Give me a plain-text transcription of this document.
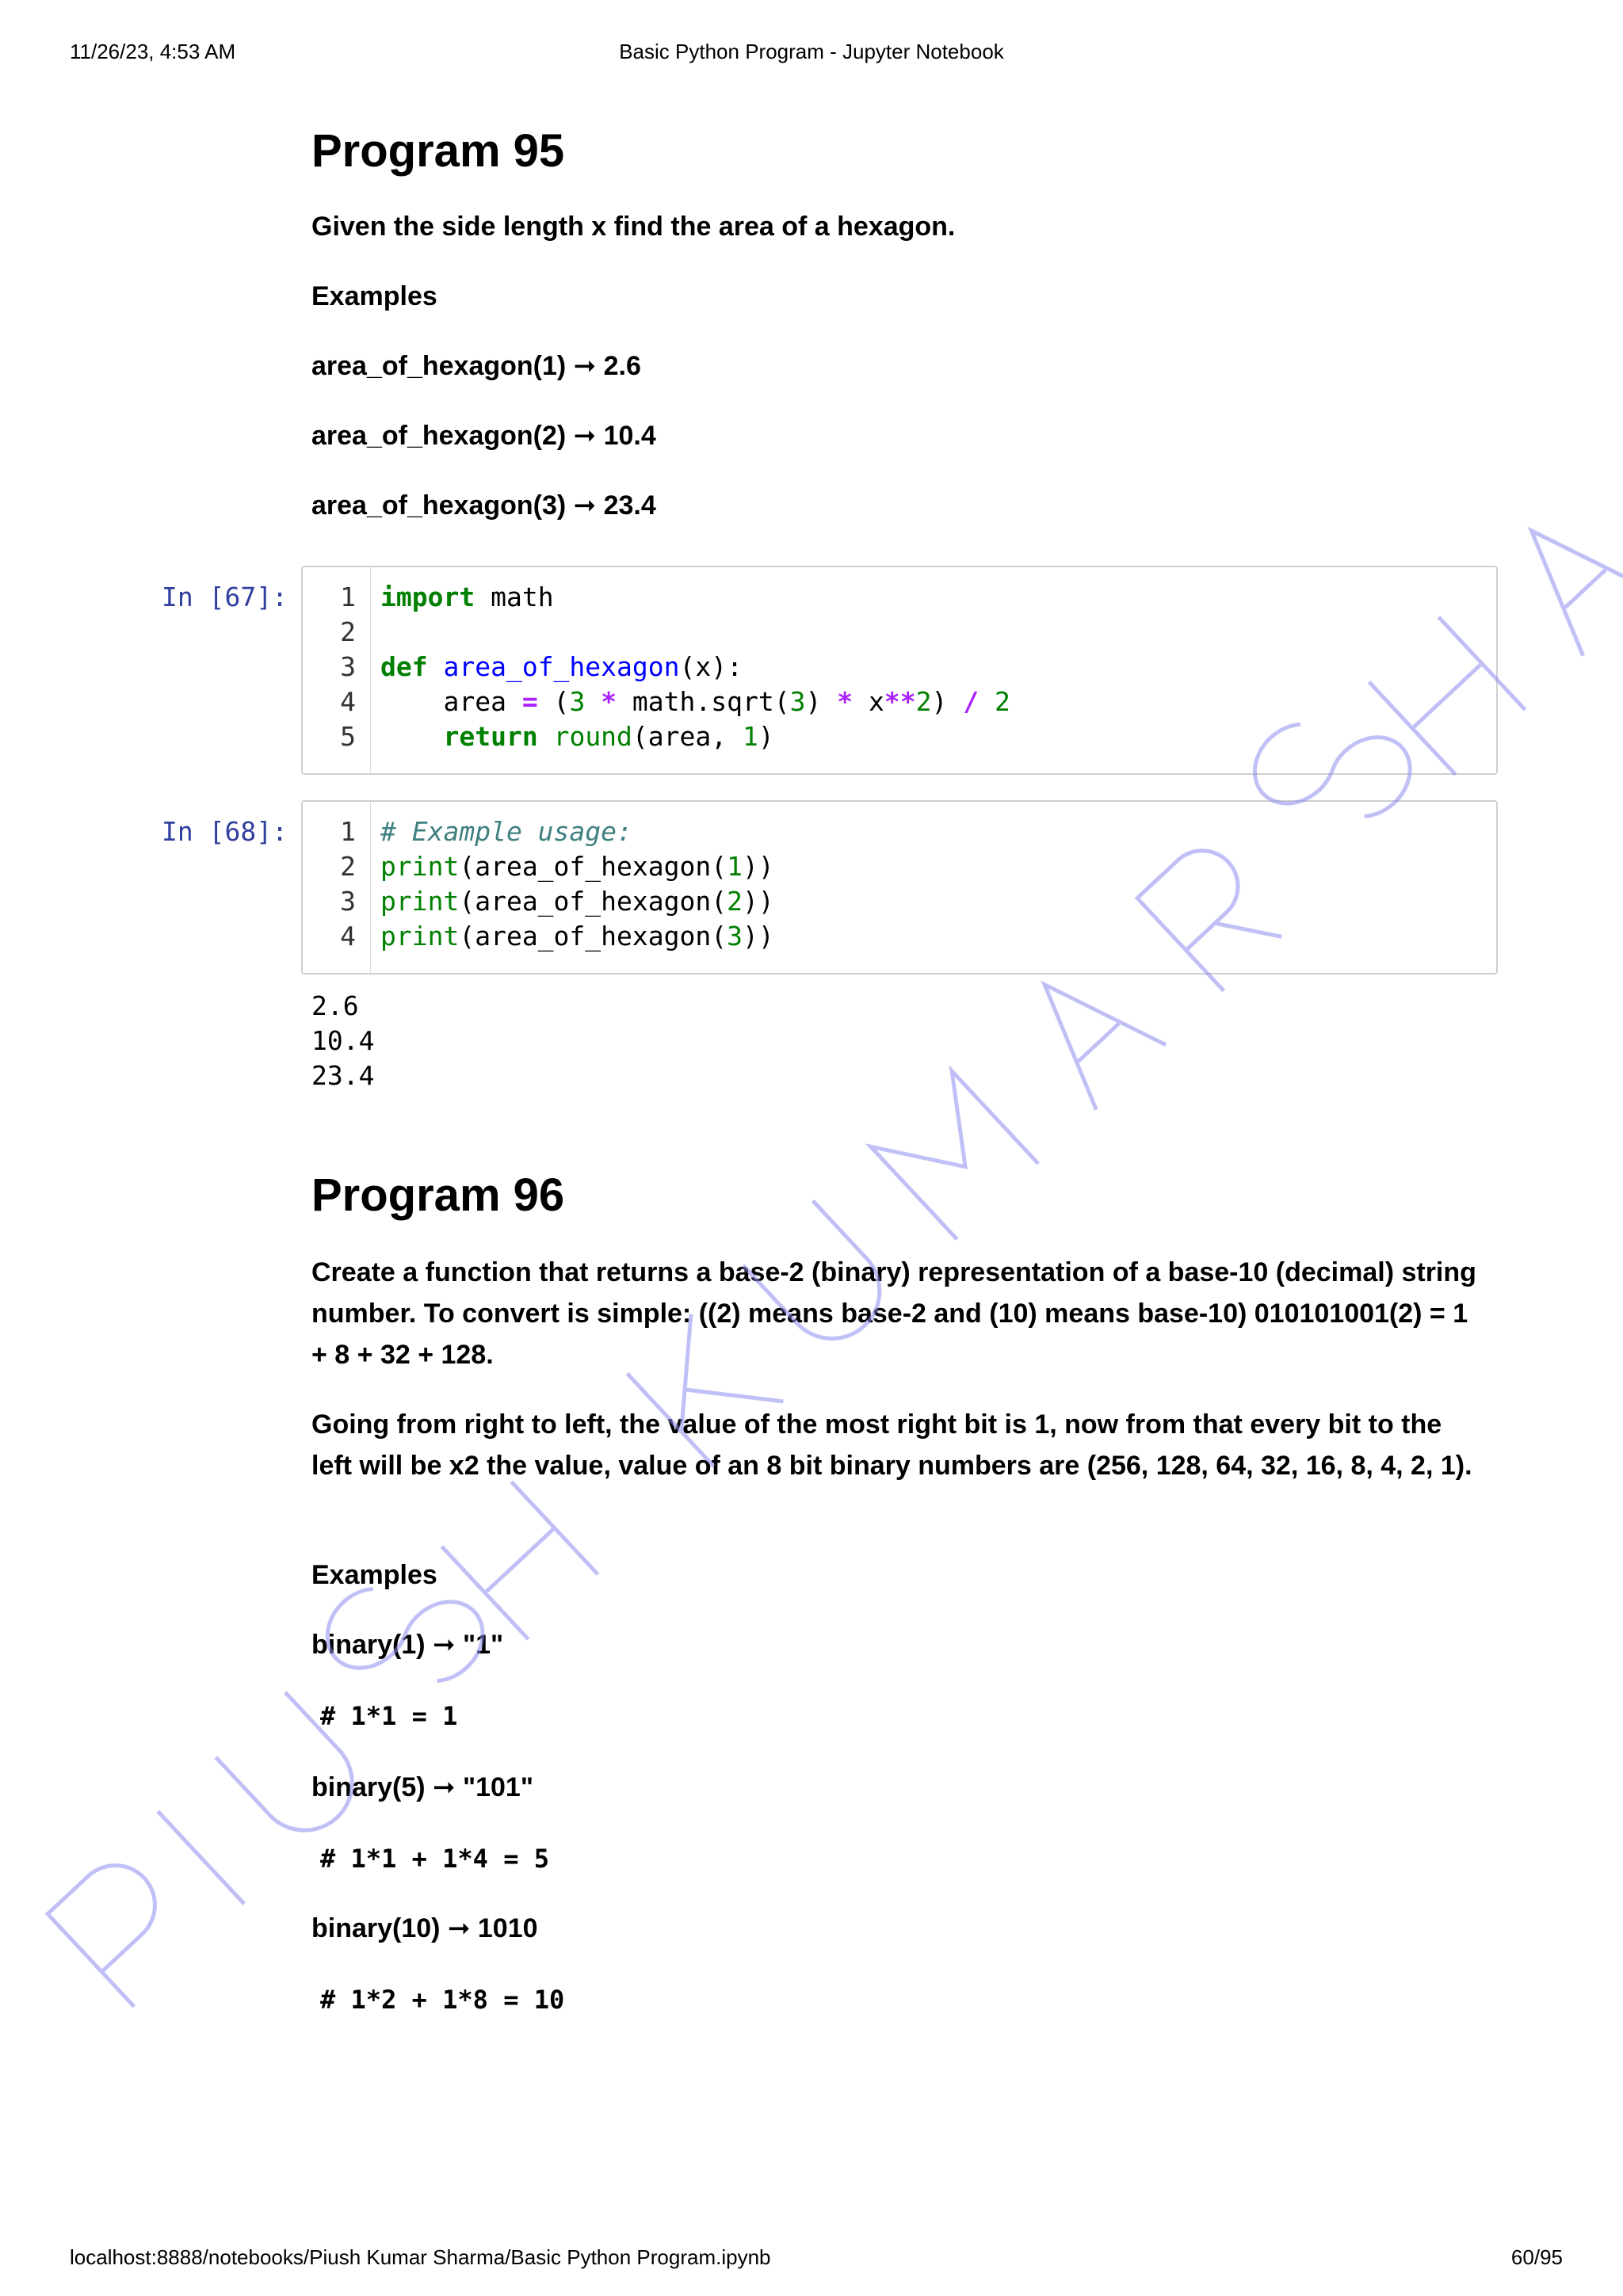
11/26/23, 4:53 AM	Basic Python Program - Jupyter Notebook
Program 95

Given the side length x find the area of a hexagon.

Examples

area_of_hexagon(1) ➞ 2.6

area_of_hexagon(2) ➞ 10.4

area_of_hexagon(3) ➞ 23.4

In [67]:	1
2
3
4
5
import math

def area_of_hexagon(x):
area = (3 * math.sqrt(3) * x**2) / 2
return round(area, 1)
In [68]:	1
2
3
4
# Example usage:
print(area_of_hexagon(1))
print(area_of_hexagon(2))
print(area_of_hexagon(3))
2.6
10.4
23.4
Program 96

Create a function that returns a base-2 (binary) representation of a base-10 (decimal) string number. To convert is simple: ((2) means base-2 and (10) means base-10) 010101001(2) = 1 + 8 + 32 + 128.

Going from right to left, the value of the most right bit is 1, now from that every bit to the left will be x2 the value, value of an 8 bit binary numbers are (256, 128, 64, 32, 16, 8, 4, 2, 1).

Examples

binary(1) ➞ "1"

# 1*1 = 1

binary(5) ➞ "101"

# 1*1 + 1*4 = 5

binary(10) ➞ 1010

# 1*2 + 1*8 = 10
localhost:8888/notebooks/Piush Kumar Sharma/Basic Python Program.ipynb	60/95
